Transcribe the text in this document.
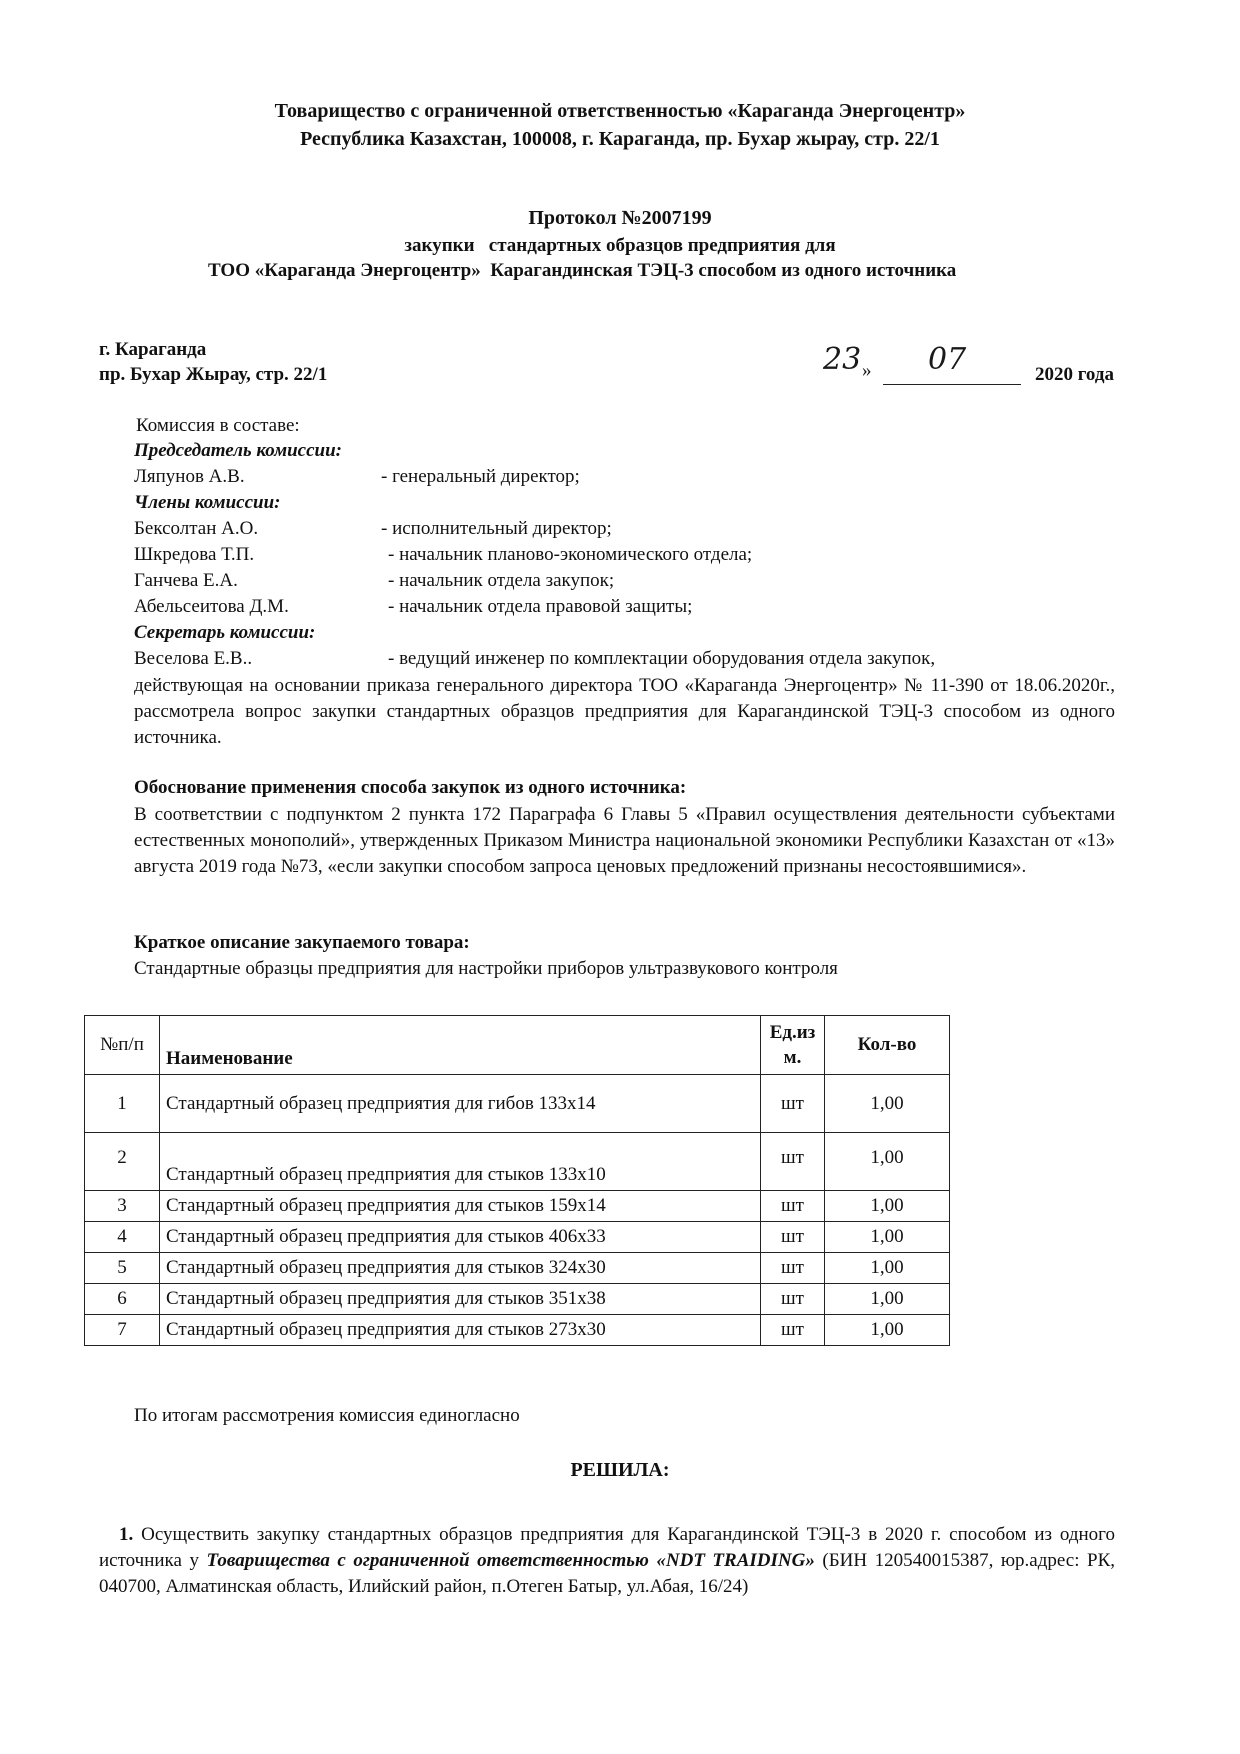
Товарищество с ограниченной ответственностью «Караганда Энергоцентр»
Республика Казахстан, 100008, г. Караганда, пр. Бухар жырау, стр. 22/1
Протокол №2007199
закупки   стандартных образцов предприятия для
ТОО «Караганда Энергоцентр»  Карагандинская ТЭЦ-3 способом из одного источника
г. Караганда
пр. Бухар Жырау, стр. 22/1	23 » 07	2020 года
Комиссия в составе:
Председатель комиссии:
Ляпунов А.В.	- генеральный директор;
Члены комиссии:
Бексолтан А.О.	- исполнительный директор;
Шкредова Т.П.	- начальник планово-экономического отдела;
Ганчева Е.А.	- начальник отдела закупок;
Абельсеитова Д.М.	- начальник отдела правовой защиты;
Секретарь комиссии:
Веселова Е.В..	- ведущий инженер по комплектации оборудования отдела закупок,
действующая на основании приказа генерального директора ТОО «Караганда Энергоцентр» № 11-390 от 18.06.2020г., рассмотрела вопрос закупки стандартных образцов предприятия для Карагандинской ТЭЦ-3 способом из одного источника.
Обоснование применения способа закупок из одного источника:
В соответствии с подпунктом 2 пункта 172 Параграфа 6 Главы 5 «Правил осуществления деятельности субъектами естественных монополий», утвержденных Приказом Министра национальной экономики Республики Казахстан от «13» августа 2019 года №73, «если закупки способом запроса ценовых предложений признаны несостоявшимися».
Краткое описание закупаемого товара:
Стандартные образцы предприятия для настройки приборов ультразвукового контроля
№п/п	Наименование	Ед.изм.	Кол-во
1	Стандартный образец предприятия для гибов 133х14	шт	1,00
2	Стандартный образец предприятия для стыков 133х10	шт	1,00
3	Стандартный образец предприятия для стыков 159х14	шт	1,00
4	Стандартный образец предприятия для стыков 406х33	шт	1,00
5	Стандартный образец предприятия для стыков 324х30	шт	1,00
6	Стандартный образец предприятия для стыков 351х38	шт	1,00
7	Стандартный образец предприятия для стыков 273х30	шт	1,00
По итогам рассмотрения комиссия единогласно
РЕШИЛА:
1. Осуществить закупку стандартных образцов предприятия для Карагандинской ТЭЦ-3 в 2020 г. способом из одного источника у Товарищества с ограниченной ответственностью «NDT TRAIDING» (БИН 120540015387, юр.адрес: РК, 040700, Алматинская область, Илийский район, п.Отеген Батыр, ул.Абая, 16/24)
